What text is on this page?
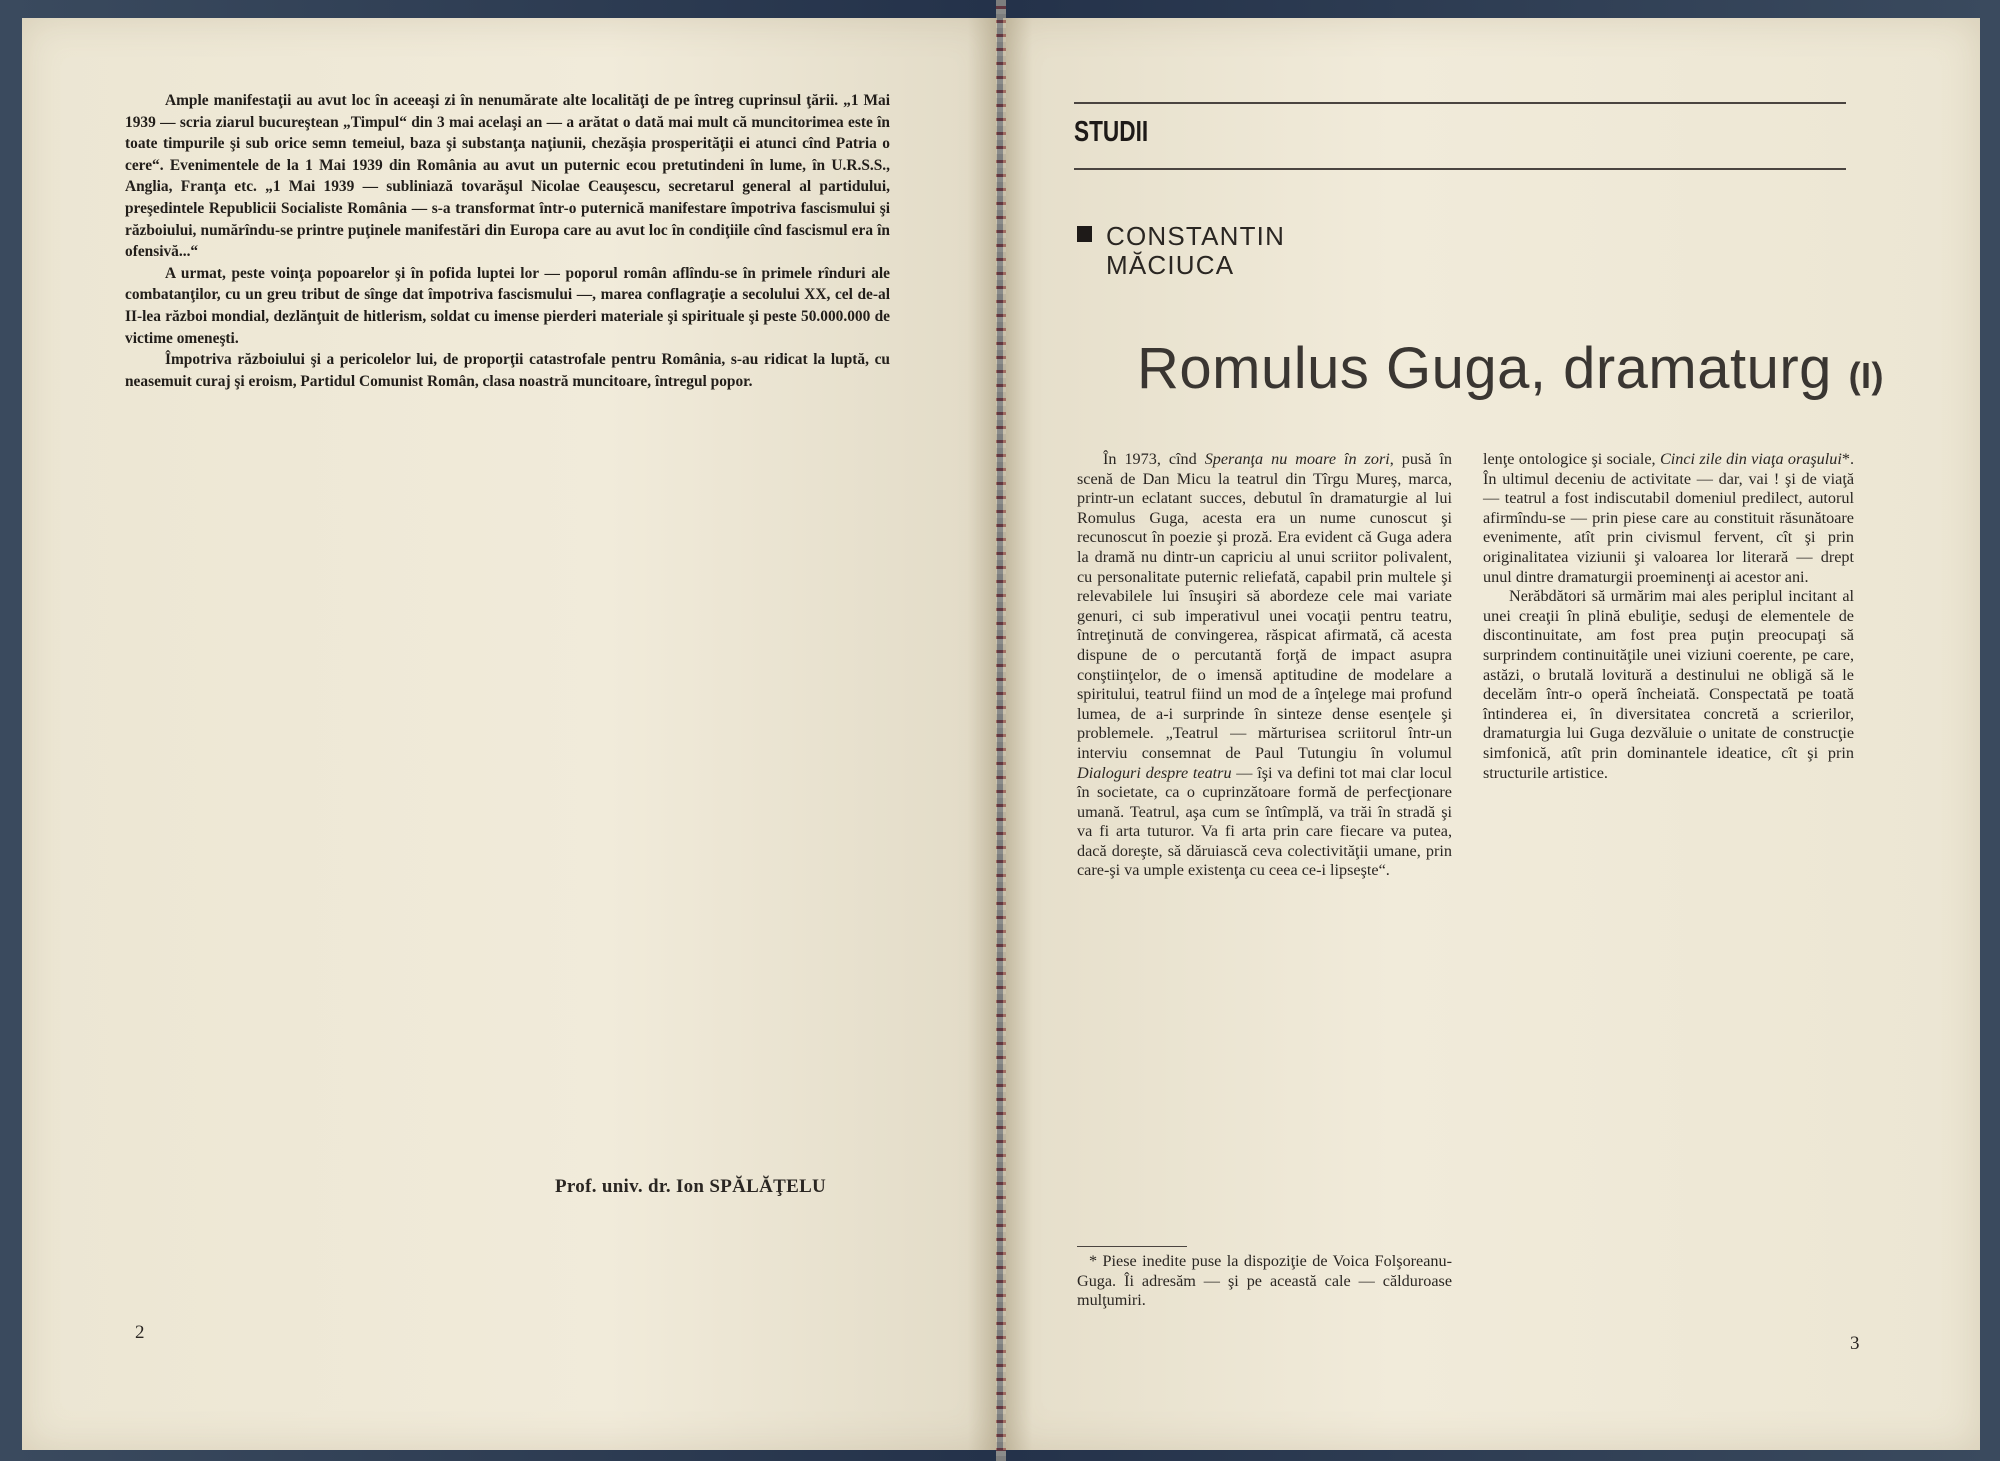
Ample manifestaţii au avut loc în aceeaşi zi în nenumărate alte localităţi de pe întreg cuprinsul ţării. „1 Mai 1939 — scria ziarul bucureştean „Timpul“ din 3 mai acelaşi an — a arătat o dată mai mult că muncitorimea este în toate timpurile şi sub orice semn temeiul, baza şi substanţa naţiunii, chezăşia prosperităţii ei atunci cînd Patria o cere“. Evenimentele de la 1 Mai 1939 din România au avut un puternic ecou pretutindeni în lume, în U.R.S.S., Anglia, Franţa etc. „1 Mai 1939 — subliniază tovarăşul Nicolae Ceauşescu, secretarul general al partidului, preşedintele Republicii Socialiste România — s-a transformat într-o puternică manifestare împotriva fascismului şi războiului, numărîndu-se printre puţinele manifestări din Europa care au avut loc în condiţiile cînd fascismul era în ofensivă...“

A urmat, peste voinţa popoarelor şi în pofida luptei lor — poporul român aflîndu-se în primele rînduri ale combatanţilor, cu un greu tribut de sînge dat împotriva fascismului —, marea conflagraţie a secolului XX, cel de-al II-lea război mondial, dezlănţuit de hitlerism, soldat cu imense pierderi materiale şi spirituale şi peste 50.000.000 de victime omeneşti.

Împotriva războiului şi a pericolelor lui, de proporţii catastrofale pentru România, s-au ridicat la luptă, cu neasemuit curaj şi eroism, Partidul Comunist Român, clasa noastră muncitoare, întregul popor.

Prof. univ. dr. Ion SPĂLĂŢELU
2
STUDII
CONSTANTIN
MĂCIUCA
Romulus Guga, dramaturg (I)

În 1973, cînd Speranţa nu moare în zori, pusă în scenă de Dan Micu la teatrul din Tîrgu Mureş, marca, printr-un eclatant succes, debutul în dramaturgie al lui Romulus Guga, acesta era un nume cunoscut şi recunoscut în poezie şi proză. Era evident că Guga adera la dramă nu dintr-un capriciu al unui scriitor polivalent, cu personalitate puternic reliefată, capabil prin multele şi relevabilele lui însuşiri să abordeze cele mai variate genuri, ci sub imperativul unei vocaţii pentru teatru, întreţinută de convingerea, răspicat afirmată, că acesta dispune de o percutantă forţă de impact asupra conştiinţelor, de o imensă aptitudine de modelare a spiritului, teatrul fiind un mod de a înţelege mai profund lumea, de a-i surprinde în sinteze dense esenţele şi problemele. „Teatrul — mărturisea scriitorul într-un interviu consemnat de Paul Tutungiu în volumul Dialoguri despre teatru — îşi va defini tot mai clar locul în societate, ca o cuprinzătoare formă de perfecţionare umană. Teatrul, aşa cum se întîmplă, va trăi în stradă şi va fi arta tuturor. Va fi arta prin care fiecare va putea, dacă doreşte, să dăruiască ceva colectivităţii umane, prin care-şi va umple existenţa cu ceea ce-i lipseşte“.

* Piese inedite puse la dispoziţie de Voica Folşoreanu-Guga. Îi adresăm — şi pe această cale — călduroase mulţumiri.

lenţe ontologice şi sociale, Cinci zile din viaţa oraşului*. În ultimul deceniu de activitate — dar, vai ! şi de viaţă — teatrul a fost indiscutabil domeniul predilect, autorul afirmîndu-se — prin piese care au constituit răsunătoare evenimente, atît prin civismul fervent, cît şi prin originalitatea viziunii şi valoarea lor literară — drept unul dintre dramaturgii proeminenţi ai acestor ani.

Nerăbdători să urmărim mai ales periplul incitant al unei creaţii în plină ebuliţie, seduşi de elementele de discontinuitate, am fost prea puţin preocupaţi să surprindem continuităţile unei viziuni coerente, pe care, astăzi, o brutală lovitură a destinului ne obligă să le decelăm într-o operă încheiată. Conspectată pe toată întinderea ei, în diversitatea concretă a scrierilor, dramaturgia lui Guga dezvăluie o unitate de construcţie simfonică, atît prin dominantele ideatice, cît şi prin structurile artistice.

3
